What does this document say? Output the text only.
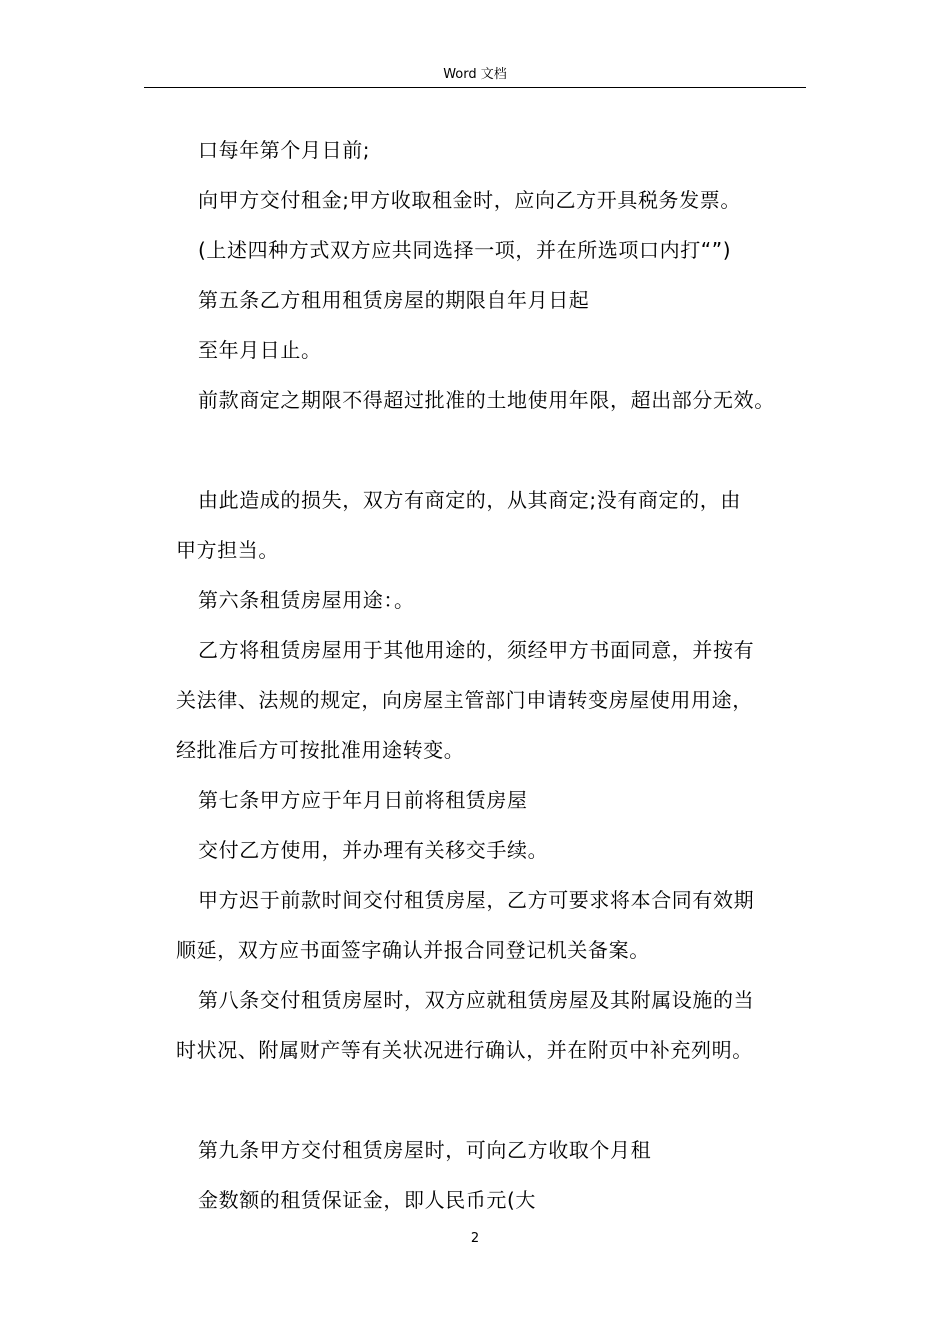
Word 文档
口每年第个月日前;
向甲方交付租金;甲方收取租金时，应向乙方开具税务发票。
(上述四种方式双方应共同选择一项，并在所选项口内打“”)
第五条乙方租用租赁房屋的期限自年月日起
至年月日止。
前款商定之期限不得超过批准的土地使用年限，超出部分无效。
由此造成的损失，双方有商定的，从其商定;没有商定的，由
甲方担当。
第六条租赁房屋用途：。
乙方将租赁房屋用于其他用途的，须经甲方书面同意，并按有
关法律、法规的规定，向房屋主管部门申请转变房屋使用用途，
经批准后方可按批准用途转变。
第七条甲方应于年月日前将租赁房屋
交付乙方使用，并办理有关移交手续。
甲方迟于前款时间交付租赁房屋，乙方可要求将本合同有效期
顺延，双方应书面签字确认并报合同登记机关备案。
第八条交付租赁房屋时，双方应就租赁房屋及其附属设施的当
时状况、附属财产等有关状况进行确认，并在附页中补充列明。
第九条甲方交付租赁房屋时，可向乙方收取个月租
金数额的租赁保证金，即人民币元(大
2
